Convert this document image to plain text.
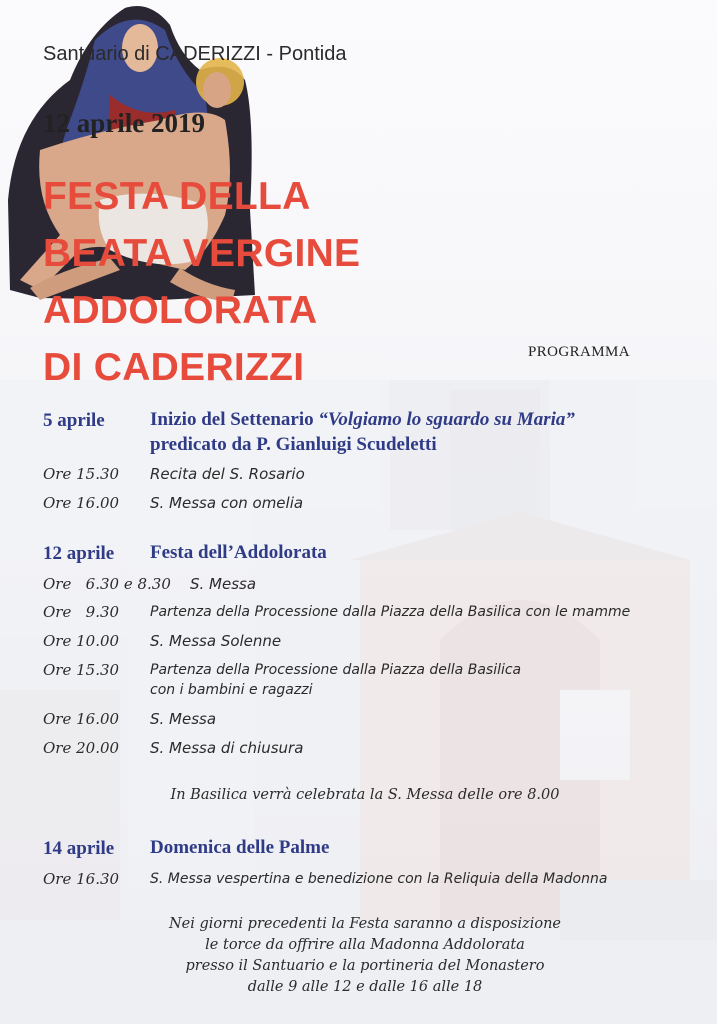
Santuario di CADERIZZI - Pontida
12 aprile 2019
FESTA DELLA
BEATA VERGINE
ADDOLORATA
DI CADERIZZI	PROGRAMMA
5 aprile Inizio del Settenario “Volgiamo lo sguardo su Maria”
predicato da P. Gianluigi Scudeletti
Ore 15.30 Recita del S. Rosario
Ore 16.00 S. Messa con omelia
12 aprile Festa dell’Addolorata
Ore   6.30 e 8.30 S. Messa
Ore   9.30 Partenza della Processione dalla Piazza della Basilica con le mamme
Ore 10.00 S. Messa Solenne
Ore 15.30 Partenza della Processione dalla Piazza della Basilica
con i bambini e ragazzi
Ore 16.00 S. Messa
Ore 20.00 S. Messa di chiusura
In Basilica verrà celebrata la S. Messa delle ore 8.00
14 aprile Domenica delle Palme
Ore 16.30 S. Messa vespertina e benedizione con la Reliquia della Madonna
Nei giorni precedenti la Festa saranno a disposizione
le torce da offrire alla Madonna Addolorata
presso il Santuario e la portineria del Monastero
dalle 9 alle 12 e dalle 16 alle 18
